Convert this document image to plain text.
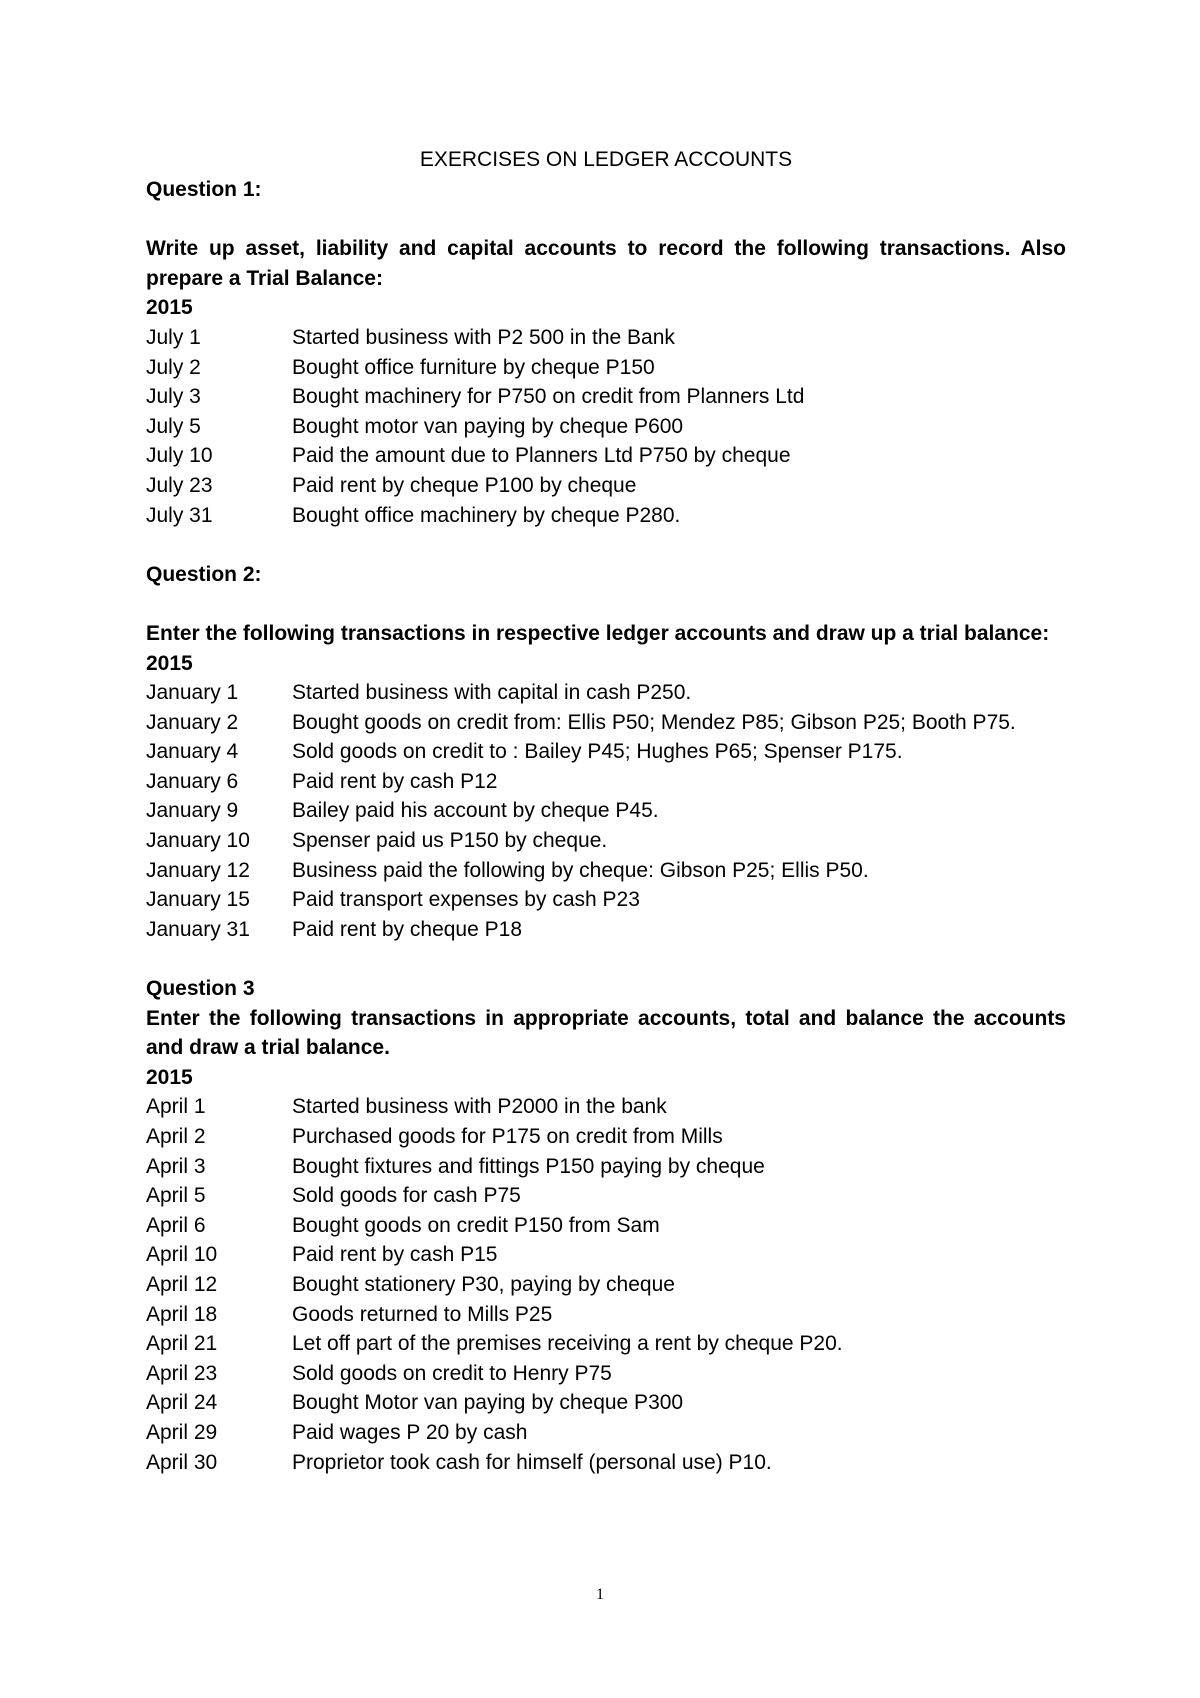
EXERCISES ON LEDGER ACCOUNTS

Question 1:

Write up asset, liability and capital accounts to record the following transactions. Also prepare a Trial Balance:

2015

July 1	Started business with P2 500 in the Bank
July 2	Bought office furniture by cheque P150
July 3	Bought machinery for P750 on credit from Planners Ltd
July 5	Bought motor van paying by cheque P600
July 10	Paid the amount due to Planners Ltd P750 by cheque
July 23	Paid rent by cheque P100 by cheque
July 31	Bought office machinery by cheque P280.

Question 2:

Enter the following transactions in respective ledger accounts and draw up a trial balance:

2015

January 1	Started business with capital in cash P250.
January 2	Bought goods on credit from: Ellis P50; Mendez P85; Gibson P25; Booth P75.
January 4	Sold goods on credit to : Bailey P45; Hughes P65; Spenser P175.
January 6	Paid rent by cash P12
January 9	Bailey paid his account by cheque P45.
January 10	Spenser paid us P150 by cheque.
January 12	Business paid the following by cheque: Gibson P25; Ellis P50.
January 15	Paid transport expenses by cash P23
January 31	Paid rent by cheque P18

Question 3

Enter the following transactions in appropriate accounts, total and balance the accounts and draw a trial balance.

2015

April 1	Started business with P2000 in the bank
April 2	Purchased goods for P175 on credit from Mills
April 3	Bought fixtures and fittings P150 paying by cheque
April 5	Sold goods for cash P75
April 6	Bought goods on credit P150 from Sam
April 10	Paid rent by cash P15
April 12	Bought stationery P30, paying by cheque
April 18	Goods returned to Mills P25
April 21	Let off part of the premises receiving a rent by cheque P20.
April 23	Sold goods on credit to Henry P75
April 24	Bought Motor van paying by cheque P300
April 29	Paid wages P 20 by cash
April 30	Proprietor took cash for himself (personal use) P10.
1
